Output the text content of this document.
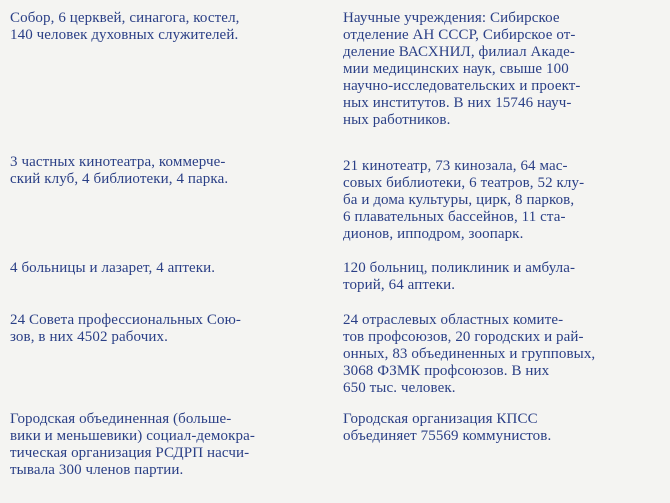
Собор, 6 церквей, синагога, костел,
140 человек духовных служителей.
Научные учреждения: Сибирское
отделение АН СССР, Сибирское от-
деление ВАСХНИЛ, филиал Акаде-
мии медицинских наук, свыше 100
научно-исследовательских и проект-
ных институтов. В них 15746 науч-
ных работников.
3 частных кинотеатра, коммерче-
ский клуб, 4 библиотеки, 4 парка.
21 кинотеатр, 73 кинозала, 64 мас-
совых библиотеки, 6 театров, 52 клу-
ба и дома культуры, цирк, 8 парков,
6 плавательных бассейнов, 11 ста-
дионов, ипподром, зоопарк.
4 больницы и лазарет, 4 аптеки.	120 больниц, поликлиник и амбула-
торий, 64 аптеки.
24 Совета профессиональных Сою-
зов, в них 4502 рабочих.
24 отраслевых областных комите-
тов профсоюзов, 20 городских и рай-
онных, 83 объединенных и групповых,
3068 ФЗМК профсоюзов. В них
650 тыс. человек.
Городская объединенная (больше-
вики и меньшевики) социал-демокра-
тическая организация РСДРП насчи-
тывала 300 членов партии.
Городская организация КПСС
объединяет 75569 коммунистов.
